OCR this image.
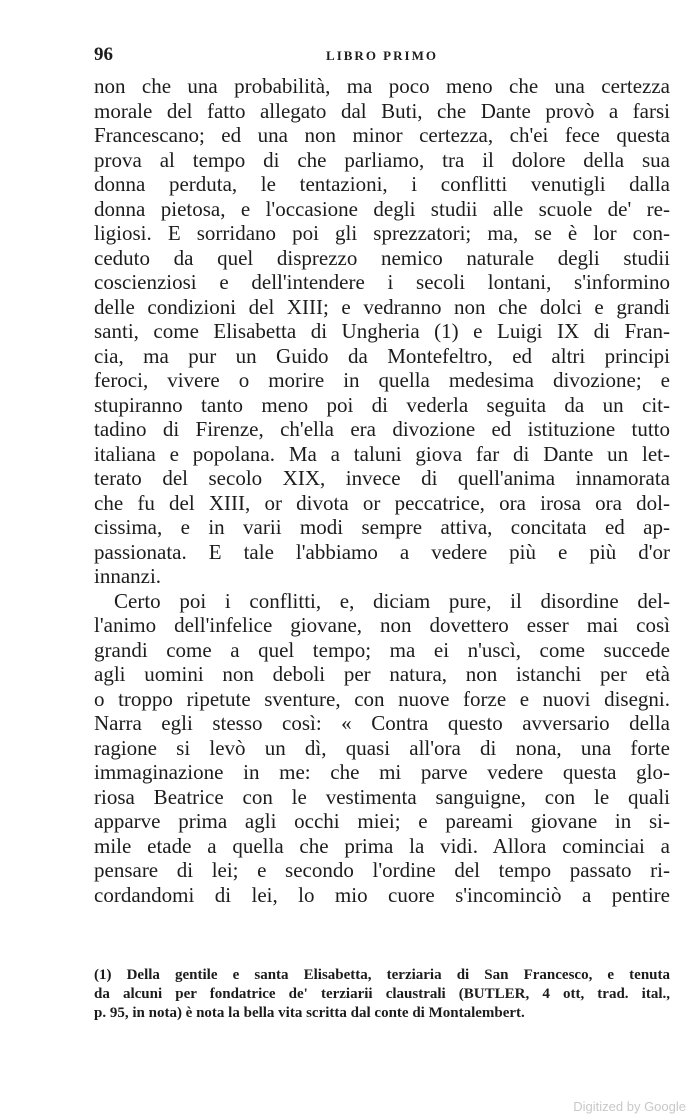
96	LIBRO PRIMO
non che una probabilità, ma poco meno che una certezza
morale del fatto allegato dal Buti, che Dante provò a farsi
Francescano; ed una non minor certezza, ch'ei fece questa
prova al tempo di che parliamo, tra il dolore della sua
donna perduta, le tentazioni, i conflitti venutigli dalla
donna pietosa, e l'occasione degli studii alle scuole de' re-
ligiosi. E sorridano poi gli sprezzatori; ma, se è lor con-
ceduto da quel disprezzo nemico naturale degli studii
coscienziosi e dell'intendere i secoli lontani, s'informino
delle condizioni del XIII; e vedranno non che dolci e grandi
santi, come Elisabetta di Ungheria (1) e Luigi IX di Fran-
cia, ma pur un Guido da Montefeltro, ed altri principi
feroci, vivere o morire in quella medesima divozione; e
stupiranno tanto meno poi di vederla seguita da un cit-
tadino di Firenze, ch'ella era divozione ed istituzione tutto
italiana e popolana. Ma a taluni giova far di Dante un let-
terato del secolo XIX, invece di quell'anima innamorata
che fu del XIII, or divota or peccatrice, ora irosa ora dol-
cissima, e in varii modi sempre attiva, concitata ed ap-
passionata. E tale l'abbiamo a vedere più e più d'or
innanzi.
Certo poi i conflitti, e, diciam pure, il disordine del-
l'animo dell'infelice giovane, non dovettero esser mai così
grandi come a quel tempo; ma ei n'uscì, come succede
agli uomini non deboli per natura, non istanchi per età
o troppo ripetute sventure, con nuove forze e nuovi disegni.
Narra egli stesso così: « Contra questo avversario della
ragione si levò un dì, quasi all'ora di nona, una forte
immaginazione in me: che mi parve vedere questa glo-
riosa Beatrice con le vestimenta sanguigne, con le quali
apparve prima agli occhi miei; e pareami giovane in si-
mile etade a quella che prima la vidi. Allora cominciai a
pensare di lei; e secondo l'ordine del tempo passato ri-
cordandomi di lei, lo mio cuore s'incominciò a pentire
(1) Della gentile e santa Elisabetta, terziaria di San Francesco, e tenuta
da alcuni per fondatrice de' terziarii claustrali (BUTLER, 4 ott, trad. ital.,
p. 95, in nota) è nota la bella vita scritta dal conte di Montalembert.
Digitized by Google
